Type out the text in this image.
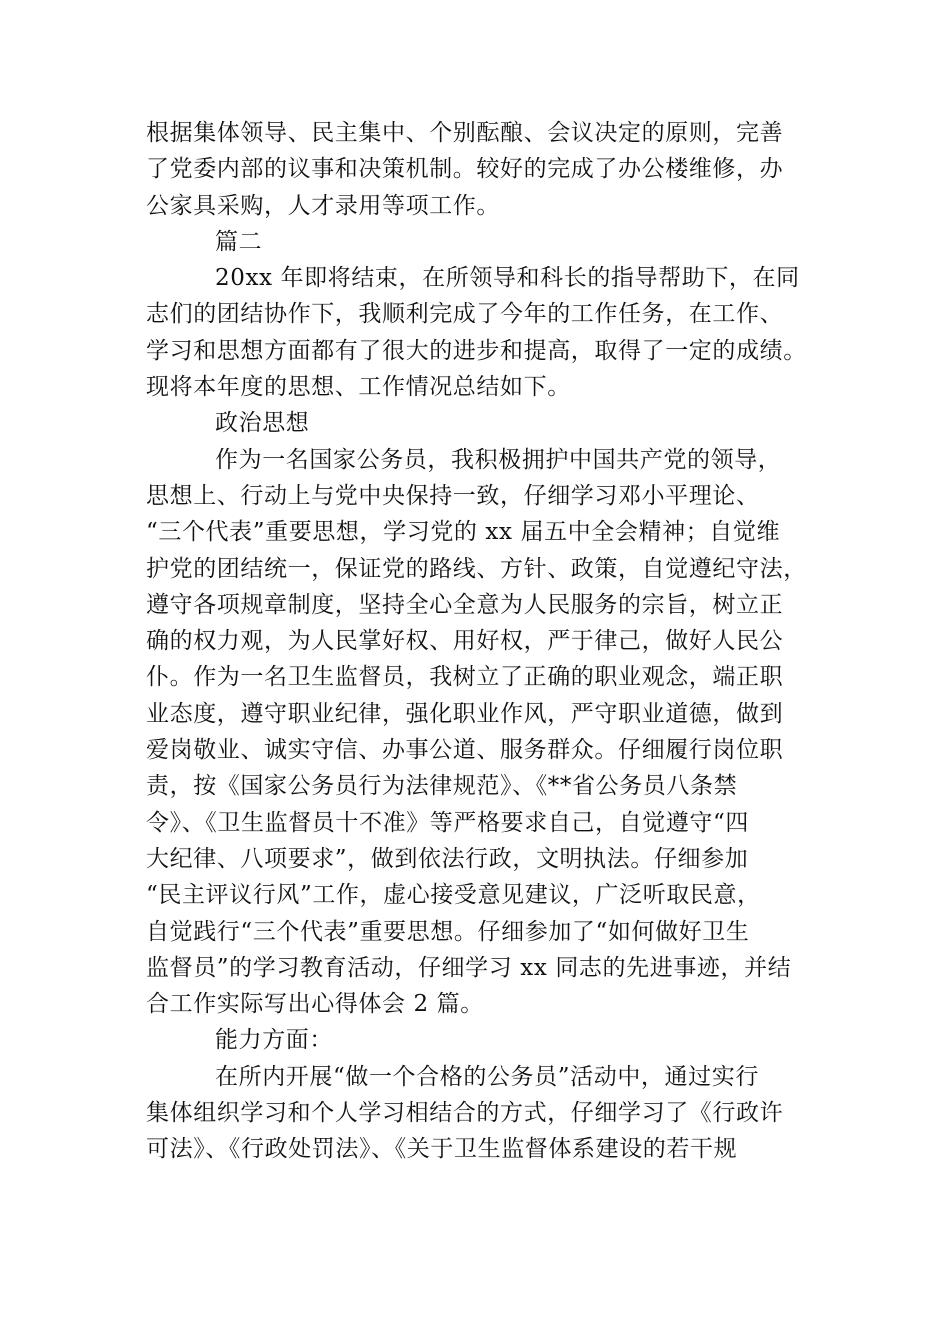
根据集体领导、民主集中、个别酝酿、会议决定的原则，完善
了党委内部的议事和决策机制。较好的完成了办公楼维修，办
公家具采购，人才录用等项工作。
篇二
20xx 年即将结束，在所领导和科长的指导帮助下，在同
志们的团结协作下，我顺利完成了今年的工作任务，在工作、
学习和思想方面都有了很大的进步和提高，取得了一定的成绩。
现将本年度的思想、工作情况总结如下。
政治思想
作为一名国家公务员，我积极拥护中国共产党的领导，
思想上、行动上与党中央保持一致，仔细学习邓小平理论、
“三个代表”重要思想，学习党的 xx 届五中全会精神；自觉维
护党的团结统一，保证党的路线、方针、政策，自觉遵纪守法，
遵守各项规章制度，坚持全心全意为人民服务的宗旨，树立正
确的权力观，为人民掌好权、用好权，严于律己，做好人民公
仆。作为一名卫生监督员，我树立了正确的职业观念，端正职
业态度，遵守职业纪律，强化职业作风，严守职业道德，做到
爱岗敬业、诚实守信、办事公道、服务群众。仔细履行岗位职
责，按《国家公务员行为法律规范》、《**省公务员八条禁
令》、《卫生监督员十不准》等严格要求自己，自觉遵守“四
大纪律、八项要求”，做到依法行政，文明执法。仔细参加
“民主评议行风”工作，虚心接受意见建议，广泛听取民意，
自觉践行“三个代表”重要思想。仔细参加了“如何做好卫生
监督员”的学习教育活动，仔细学习 xx 同志的先进事迹，并结
合工作实际写出心得体会 2 篇。
能力方面：
在所内开展“做一个合格的公务员”活动中，通过实行
集体组织学习和个人学习相结合的方式，仔细学习了《行政许
可法》、《行政处罚法》、《关于卫生监督体系建设的若干规
